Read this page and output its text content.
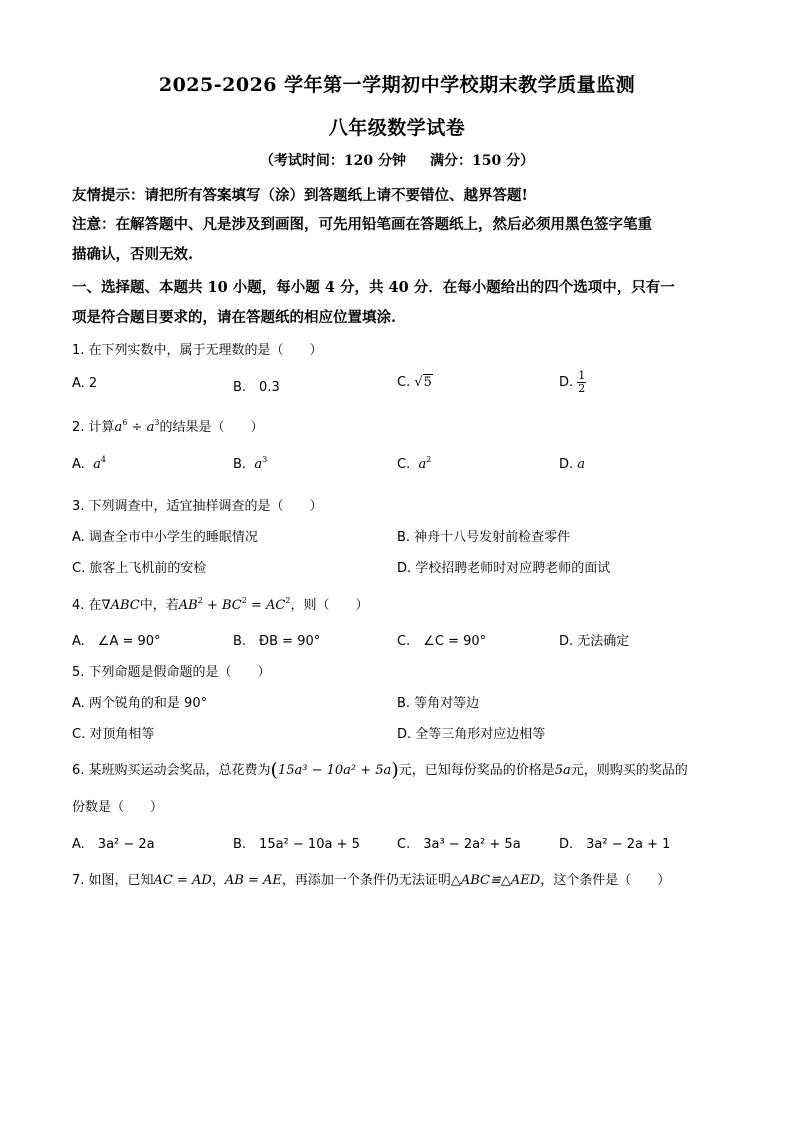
2025-2026 学年第一学期初中学校期末教学质量监测
八年级数学试卷
（考试时间：120 分钟 满分：150 分）
友情提示：请把所有答案填写（涂）到答题纸上请不要错位、越界答题!
注意：在解答题中、凡是涉及到画图，可先用铅笔画在答题纸上，然后必须用黑色签字笔重
描确认，否则无效.
一、选择题、本题共 10 小题，每小题 4 分，共 40 分．在每小题给出的四个选项中，只有一
项是符合题目要求的，请在答题纸的相应位置填涂.
1. 在下列实数中，属于无理数的是（　　）
A. 2	B.　0.3	C. √5	D. $\frac{1}{2}$
2. 计算$a^6 \div a^3$的结果是（　　）
A. $a^4$	B. $a^3$	C. $a^2$	D. a
3. 下列调查中，适宜抽样调查的是（　　）
A. 调查全市中小学生的睡眠情况	B. 神舟十八号发射前检查零件
C. 旅客上飞机前的安检	D. 学校招聘老师时对应聘老师的面试
4. 在∇ABC中，若$AB^2 + BC^2 = AC^2$，则（　　）
A.　∠A = 90°	B.　ÐB = 90°	C.　∠C = 90°	D. 无法确定
5. 下列命题是假命题的是（　　）
A. 两个锐角的和是 90°	B. 等角对等边
C. 对顶角相等	D. 全等三角形对应边相等
6. 某班购买运动会奖品，总花费为(15a³ − 10a² + 5a)元，已知每份奖品的价格是5a元，则购买的奖品的
份数是（　　）
A.　3a² − 2a	B.　15a² − 10a + 5	C.　3a³ − 2a² + 5a	D.　3a² − 2a + 1
7. 如图，已知AC = AD，AB = AE，再添加一个条件仍无法证明△ABC≌△AED，这个条件是（　　）
